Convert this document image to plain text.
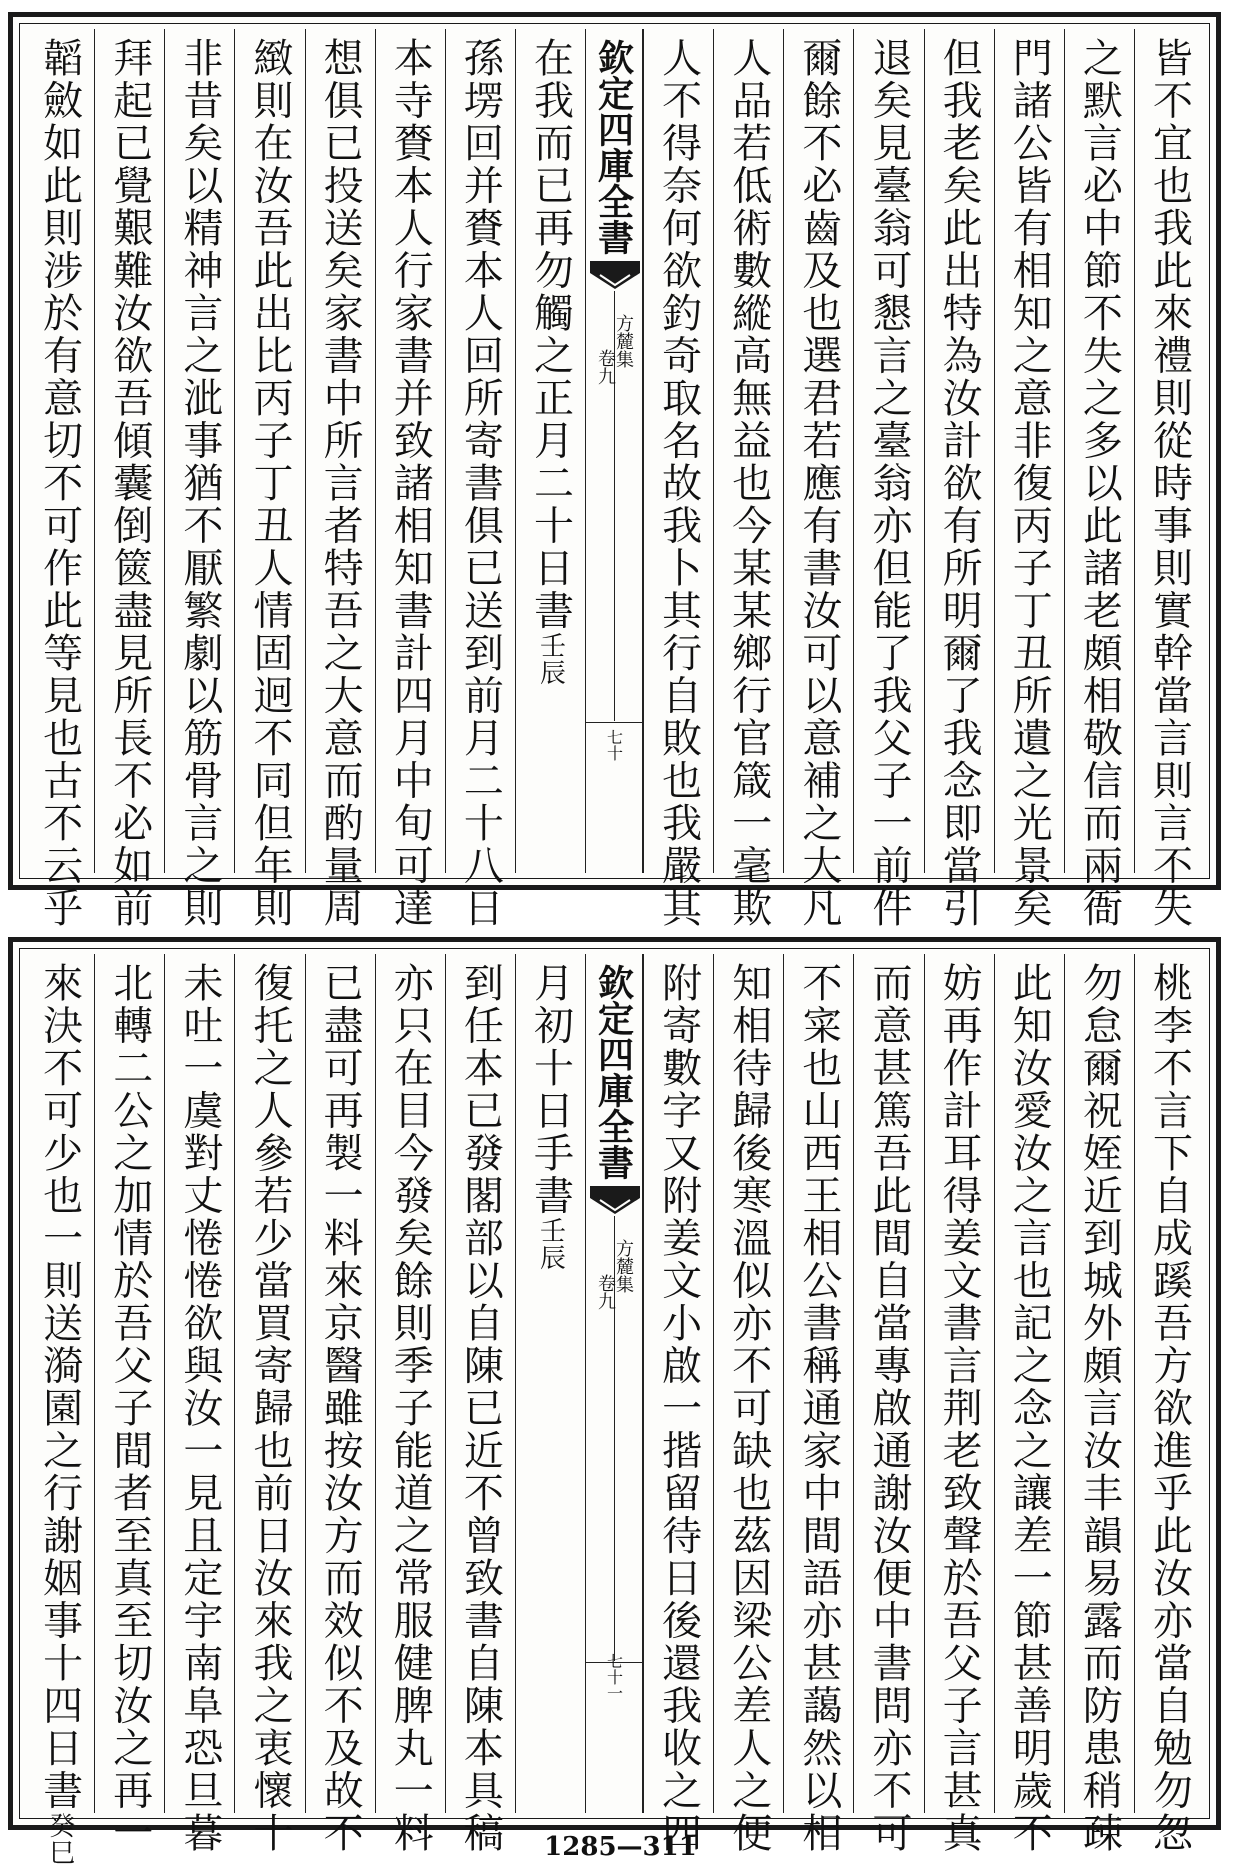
皆不宜也我此來禮則從時事則實幹當言則言不失
之默言必中節不失之多以此諸老頗相敬信而兩衙
門諸公皆有相知之意非復丙子丁丑所遺之光景矣
但我老矣此出特為汝計欲有所明爾了我念即當引
退矣見臺翁可懇言之臺翁亦但能了我父子一前件
爾餘不必齒及也選君若應有書汝可以意補之大凡
人品若低術數縱高無益也今某某鄉行官箴一毫欺
人不得奈何欲釣奇取名故我卜其行自敗也我嚴其
欽定四庫全書
方麓集
卷九
七十
在我而已再勿觸之正月二十日書壬辰
孫塄回并賚本人回所寄書俱已送到前月二十八日
本寺賚本人行家書并致諸相知書計四月中旬可達
想俱已投送矣家書中所言者特吾之大意而酌量周
緻則在汝吾此出比丙子丁丑人情固迥不同但年則
非昔矣以精神言之泚事猶不厭繁劇以筋骨言之則
拜起已覺艱難汝欲吾傾囊倒篋盡見所長不必如前
韜斂如此則涉於有意切不可作此等見也古不云乎
桃李不言下自成蹊吾方欲進乎此汝亦當自勉勿忽
勿怠爾祝姪近到城外頗言汝丰韻易露而防患稍疎
此知汝愛汝之言也記之念之讓差一節甚善明歲不
妨再作計耳得姜文書言荆老致聲於吾父子言甚真
而意甚篤吾此間自當專啟通謝汝便中書問亦不可
不寀也山西王相公書稱通家中間語亦甚藹然以相
知相待歸後寒溫似亦不可缺也茲因梁公差人之便
附寄數字又附姜文小啟一揩留待日後還我收之四
欽定四庫全書
方麓集
卷九
七十一
月初十日手書壬辰
到任本已發閣部以自陳已近不曾致書自陳本具稿
亦只在目今發矣餘則季子能道之常服健脾丸一料
已盡可再製一料來京醫雖按汝方而效似不及故不
復托之人參若少當買寄歸也前日汝來我之衷懷十
未吐一虞對丈惓惓欲與汝一見且定宇南阜恐旦暮
北轉二公之加情於吾父子間者至真至切汝之再一
來決不可少也一則送漪園之行謝姻事十四日書癸巳	1285—311
